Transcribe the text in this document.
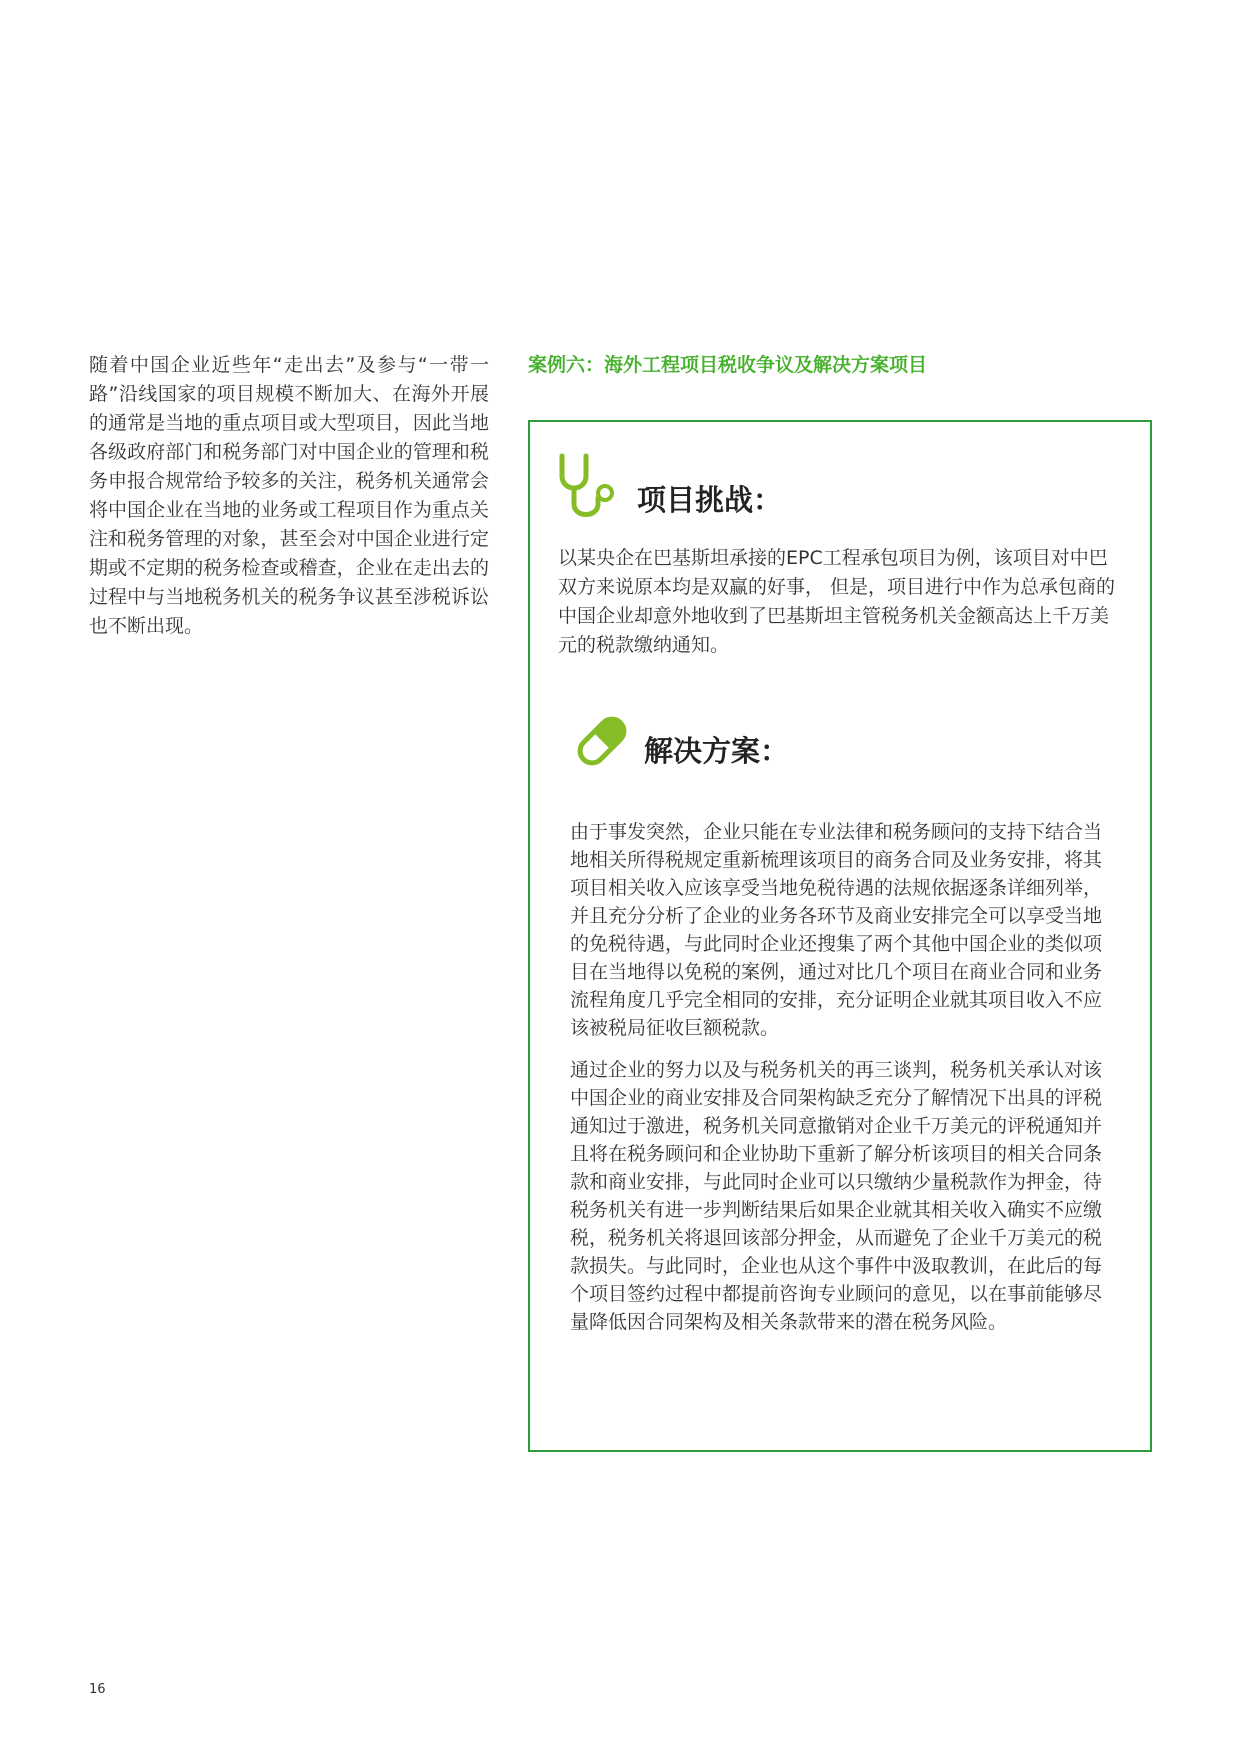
随着中国企业近些年“走出去”及参与“一带一路”沿线国家的项目规模不断加大、在海外开展的通常是当地的重点项目或大型项目，因此当地各级政府部门和税务部门对中国企业的管理和税务申报合规常给予较多的关注，税务机关通常会将中国企业在当地的业务或工程项目作为重点关注和税务管理的对象，甚至会对中国企业进行定期或不定期的税务检查或稽查，企业在走出去的过程中与当地税务机关的税务争议甚至涉税诉讼也不断出现。
案例六：海外工程项目税收争议及解决方案项目
项目挑战：
以某央企在巴基斯坦承接的EPC工程承包项目为例，该项目对中巴双方来说原本均是双赢的好事， 但是，项目进行中作为总承包商的中国企业却意外地收到了巴基斯坦主管税务机关金额高达上千万美元的税款缴纳通知。
解决方案：

由于事发突然，企业只能在专业法律和税务顾问的支持下结合当地相关所得税规定重新梳理该项目的商务合同及业务安排，将其项目相关收入应该享受当地免税待遇的法规依据逐条详细列举，并且充分分析了企业的业务各环节及商业安排完全可以享受当地的免税待遇，与此同时企业还搜集了两个其他中国企业的类似项目在当地得以免税的案例，通过对比几个项目在商业合同和业务流程角度几乎完全相同的安排，充分证明企业就其项目收入不应该被税局征收巨额税款。

通过企业的努力以及与税务机关的再三谈判，税务机关承认对该中国企业的商业安排及合同架构缺乏充分了解情况下出具的评税通知过于激进，税务机关同意撤销对企业千万美元的评税通知并且将在税务顾问和企业协助下重新了解分析该项目的相关合同条款和商业安排，与此同时企业可以只缴纳少量税款作为押金，待税务机关有进一步判断结果后如果企业就其相关收入确实不应缴税，税务机关将退回该部分押金，从而避免了企业千万美元的税款损失。与此同时，企业也从这个事件中汲取教训，在此后的每个项目签约过程中都提前咨询专业顾问的意见，以在事前能够尽量降低因合同架构及相关条款带来的潜在税务风险。

16
